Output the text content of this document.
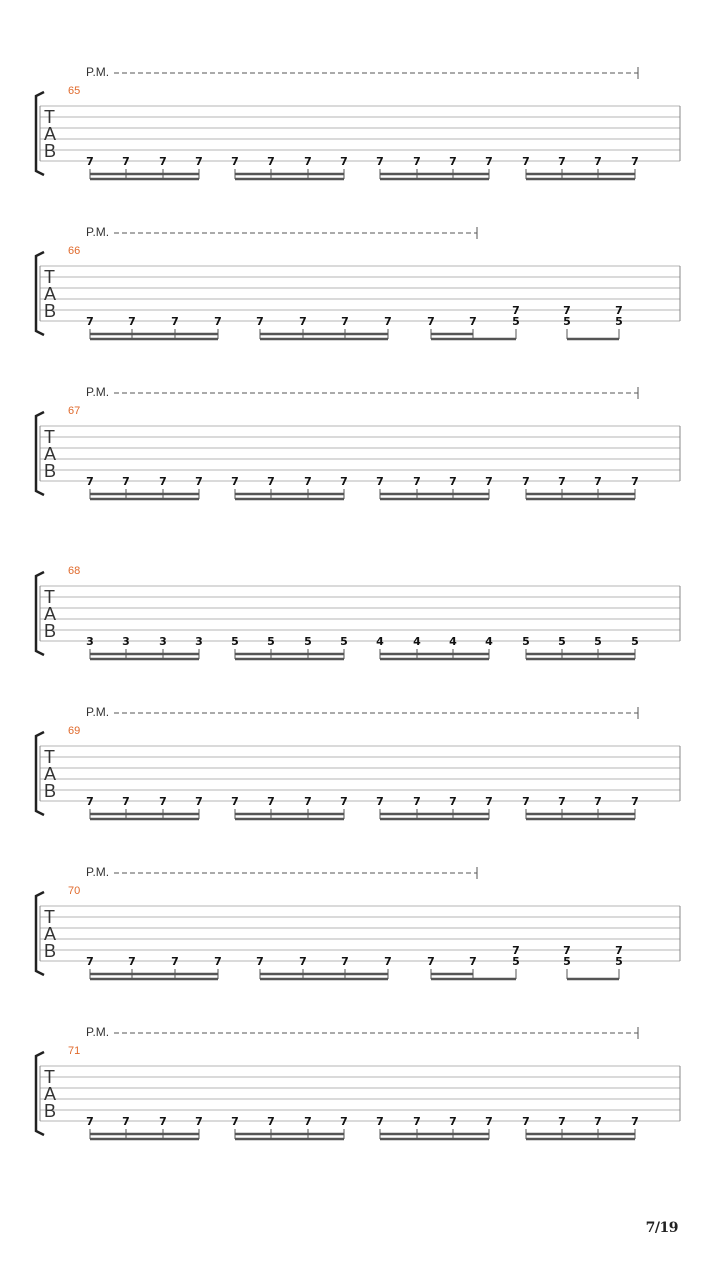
P.M.
65
T
A
B
7	7	7	7	7	7	7	7	7	7	7	7	7	7	7	7
P.M.
66
T
A
B
7	7	7	7	7	7	7	7	7	7
7
5
7
5
7
5
P.M.
67
T
A
B
7	7	7	7	7	7	7	7	7	7	7	7	7	7	7	7
68
T
A
B
3	3	3	3	5	5	5	5	4	4	4	4	5	5	5	5
P.M.
69
T
A
B
7	7	7	7	7	7	7	7	7	7	7	7	7	7	7	7
P.M.
70
T
A
B
7	7	7	7	7	7	7	7	7	7
7
5
7
5
7
5
P.M.
71
T
A
B
7	7	7	7	7	7	7	7	7	7	7	7	7	7	7	7
7/19
